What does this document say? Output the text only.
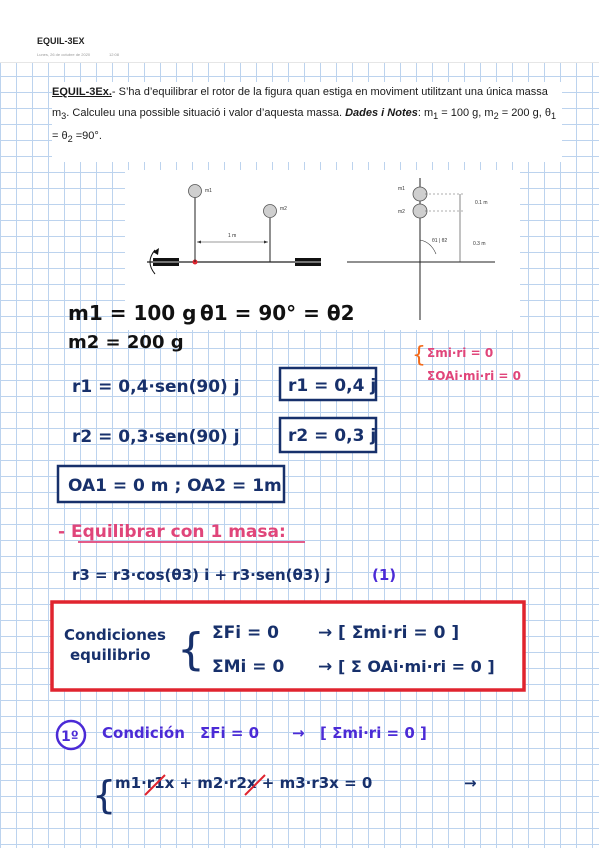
EQUIL-3EX
Lunes, 26 de octubre de 2020	12:08
EQUIL-3Ex.- S’ha d’equilibrar el rotor de la figura quan estiga en moviment utilitzant una única massa $m_3$. Calculeu una possible situació i valor d’aquesta massa. Dades i Notes: $m_1 = 100$ g, $m_2 = 200$ g, $\theta_1 = \theta_2 =90^\circ$.
m1
m2
1 m
m1
m2
0.1 m
0.3 m
θ1 | θ2
m1 = 100 g θ1 = 90° = θ2
m2 = 200 g
{ Σmi·ri = 0
ΣOAi·mi·ri = 0
r1 = 0,4·sen(90) j	r1 = 0,4 j
r2 = 0,3·sen(90) j	r2 = 0,3 j
OA1 = 0 m ; OA2 = 1m
- Equilibrar con 1 masa:
r3 = r3·cos(θ3) i + r3·sen(θ3) j	(1)
Condiciones
equilibrio { ΣFi = 0 → [ Σmi·ri = 0 ]
ΣMi = 0 → [ Σ OAi·mi·ri = 0 ]
1º Condición ΣFi = 0 → [ Σmi·ri = 0 ]
{
m1·r1x + m2·r2x + m3·r3x = 0	→
